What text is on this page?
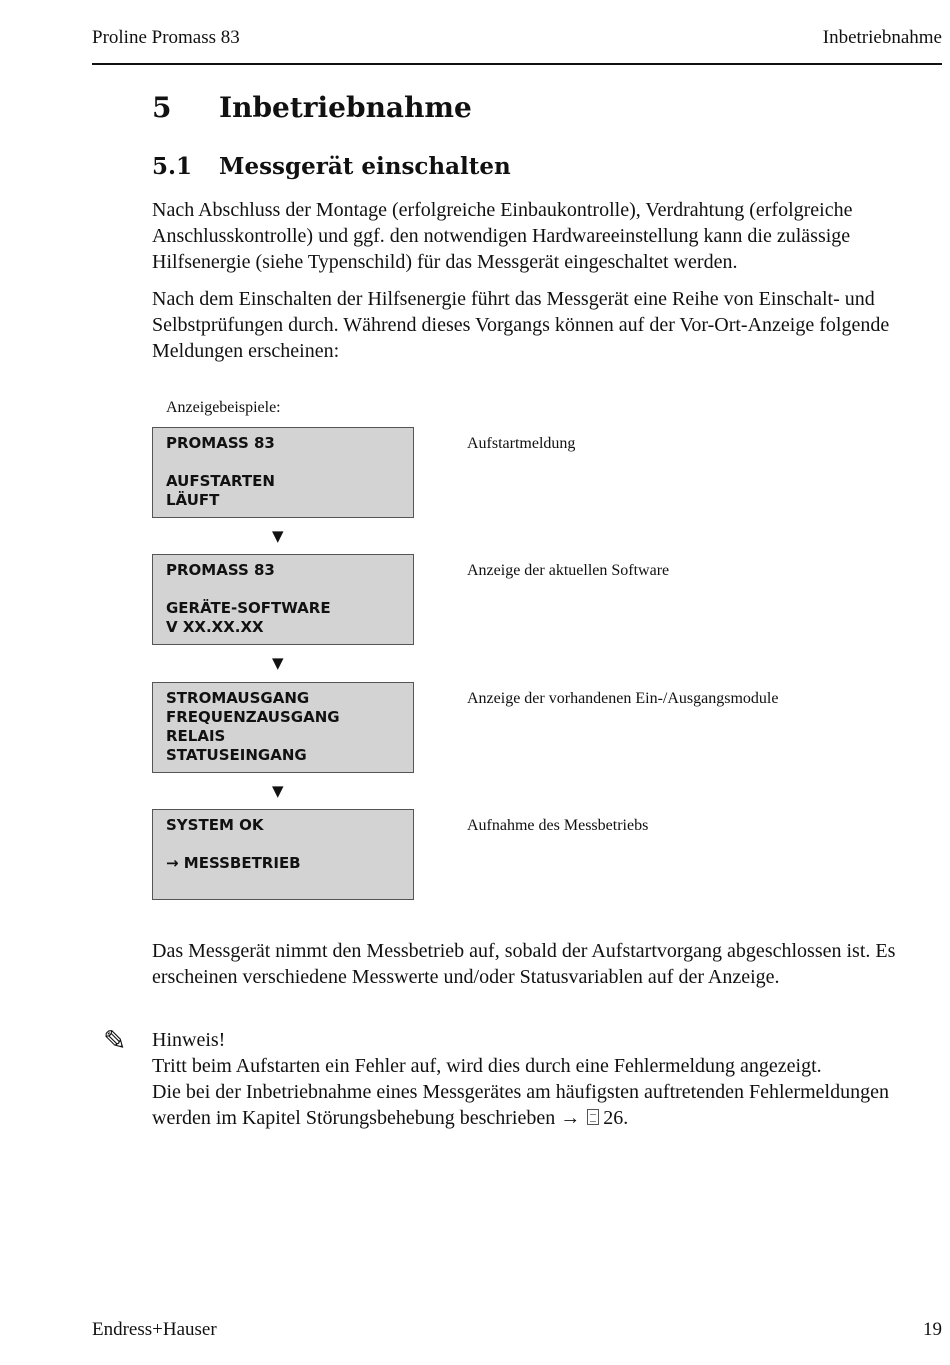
Proline Promass 83	Inbetriebnahme
5 Inbetriebnahme
5.1 Messgerät einschalten

Nach Abschluss der Montage (erfolgreiche Einbaukontrolle), Verdrahtung (erfolgreiche Anschlusskontrolle) und ggf. den notwendigen Hardwareeinstellung kann die zulässige Hilfsenergie (siehe Typenschild) für das Messgerät eingeschaltet werden.

Nach dem Einschalten der Hilfsenergie führt das Messgerät eine Reihe von Einschalt- und Selbstprüfungen durch. Während dieses Vorgangs können auf der Vor-Ort-Anzeige folgende Meldungen erscheinen:

Anzeigebeispiele:
PROMASS 83
AUFSTARTEN
LÄUFT
Aufstartmeldung
▼
PROMASS 83
GERÄTE-SOFTWARE
V XX.XX.XX
Anzeige der aktuellen Software
▼
STROMAUSGANG
FREQUENZAUSGANG
RELAIS
STATUSEINGANG
Anzeige der vorhandenen Ein-/Ausgangsmodule
▼
SYSTEM OK
→ MESSBETRIEB
Aufnahme des Messbetriebs

Das Messgerät nimmt den Messbetrieb auf, sobald der Aufstartvorgang abgeschlossen ist. Es erscheinen verschiedene Messwerte und/oder Statusvariablen auf der Anzeige.

✎ Hinweis!
Tritt beim Aufstarten ein Fehler auf, wird dies durch eine Fehlermeldung angezeigt.
Die bei der Inbetriebnahme eines Messgerätes am häufigsten auftretenden Fehlermeldungen werden im Kapitel Störungsbehebung beschrieben → 26.
Endress+Hauser	19
